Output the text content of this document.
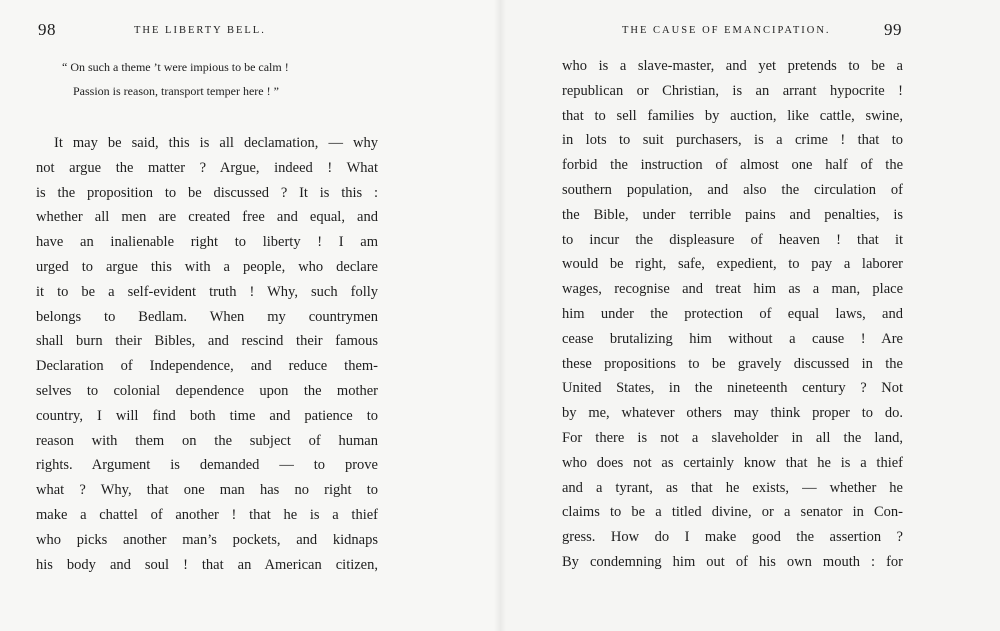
98	THE LIBERTY BELL.
“ On such a theme ’t were impious to be calm !
Passion is reason, transport temper here ! ”
It may be said, this is all declamation, — why
not argue the matter ? Argue, indeed ! What
is the proposition to be discussed ? It is this :
whether all men are created free and equal, and
have an inalienable right to liberty ! I am
urged to argue this with a people, who declare
it to be a self-evident truth ! Why, such folly
belongs to Bedlam. When my countrymen
shall burn their Bibles, and rescind their famous
Declaration of Independence, and reduce them-
selves to colonial dependence upon the mother
country, I will find both time and patience to
reason with them on the subject of human
rights. Argument is demanded — to prove
what ? Why, that one man has no right to
make a chattel of another ! that he is a thief
who picks another man’s pockets, and kidnaps
his body and soul ! that an American citizen,
THE CAUSE OF EMANCIPATION.	99
who is a slave-master, and yet pretends to be a
republican or Christian, is an arrant hypocrite !
that to sell families by auction, like cattle, swine,
in lots to suit purchasers, is a crime ! that to
forbid the instruction of almost one half of the
southern population, and also the circulation of
the Bible, under terrible pains and penalties, is
to incur the displeasure of heaven ! that it
would be right, safe, expedient, to pay a laborer
wages, recognise and treat him as a man, place
him under the protection of equal laws, and
cease brutalizing him without a cause ! Are
these propositions to be gravely discussed in the
United States, in the nineteenth century ? Not
by me, whatever others may think proper to do.
For there is not a slaveholder in all the land,
who does not as certainly know that he is a thief
and a tyrant, as that he exists, — whether he
claims to be a titled divine, or a senator in Con-
gress. How do I make good the assertion ?
By condemning him out of his own mouth : for
